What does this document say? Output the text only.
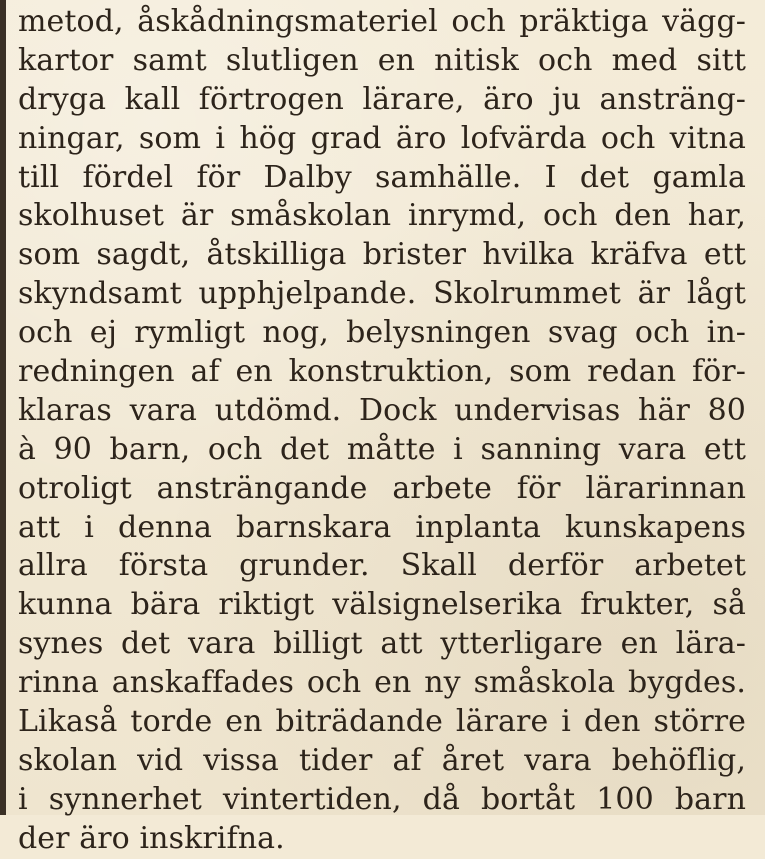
metod, åskådningsmateriel och präktiga vägg-
kartor samt slutligen en nitisk och med sitt
dryga kall förtrogen lärare, äro ju ansträng-
ningar, som i hög grad äro lofvärda och vitna
till fördel för Dalby samhälle. I det gamla
skolhuset är småskolan inrymd, och den har,
som sagdt, åtskilliga brister hvilka kräfva ett
skyndsamt upphjelpande. Skolrummet är lågt
och ej rymligt nog, belysningen svag och in-
redningen af en konstruktion, som redan för-
klaras vara utdömd. Dock undervisas här 80
à 90 barn, och det måtte i sanning vara ett
otroligt ansträngande arbete för lärarinnan
att i denna barnskara inplanta kunskapens
allra första grunder. Skall derför arbetet
kunna bära riktigt välsignelserika frukter, så
synes det vara billigt att ytterligare en lära-
rinna anskaffades och en ny småskola bygdes.
Likaså torde en biträdande lärare i den större
skolan vid vissa tider af året vara behöflig,
i synnerhet vintertiden, då bortåt 100 barn
der äro inskrifna.
